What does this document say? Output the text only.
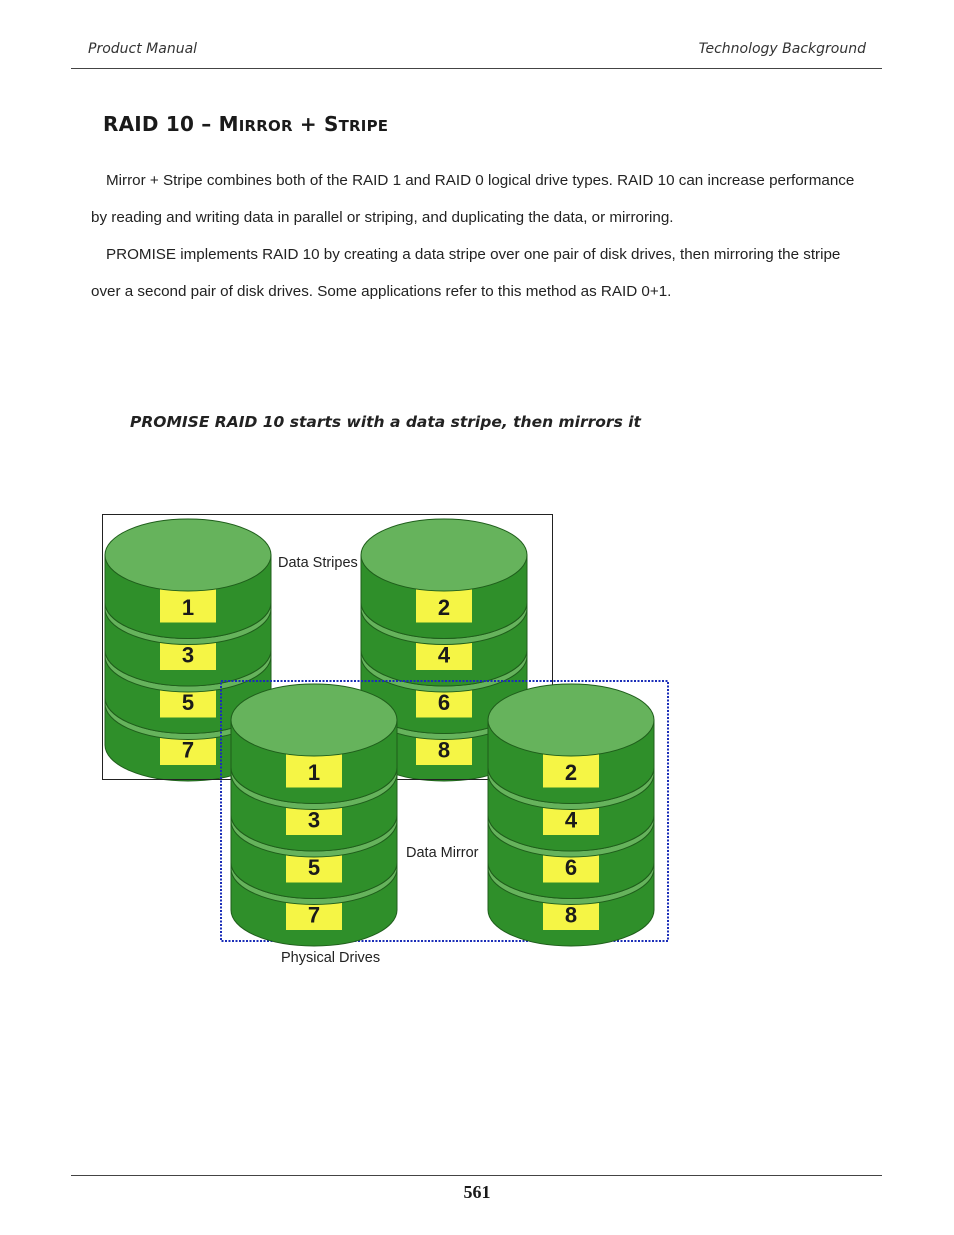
Product Manual	Technology Background
RAID 10 – MIRROR + STRIPE
Mirror + Stripe combines both of the RAID 1 and RAID 0 logical drive types. RAID 10 can increase performance by reading and writing data in parallel or striping, and duplicating the data, or mirroring.
PROMISE implements RAID 10 by creating a data stripe over one pair of disk drives, then mirroring the stripe over a second pair of disk drives. Some applications refer to this method as RAID 0+1.
PROMISE RAID 10 starts with a data stripe, then mirrors it
7
5
3
1
8
6
4
2
7
5
3
1
8
6
4
2
Data Stripes
Data Mirror
Physical Drives
561
